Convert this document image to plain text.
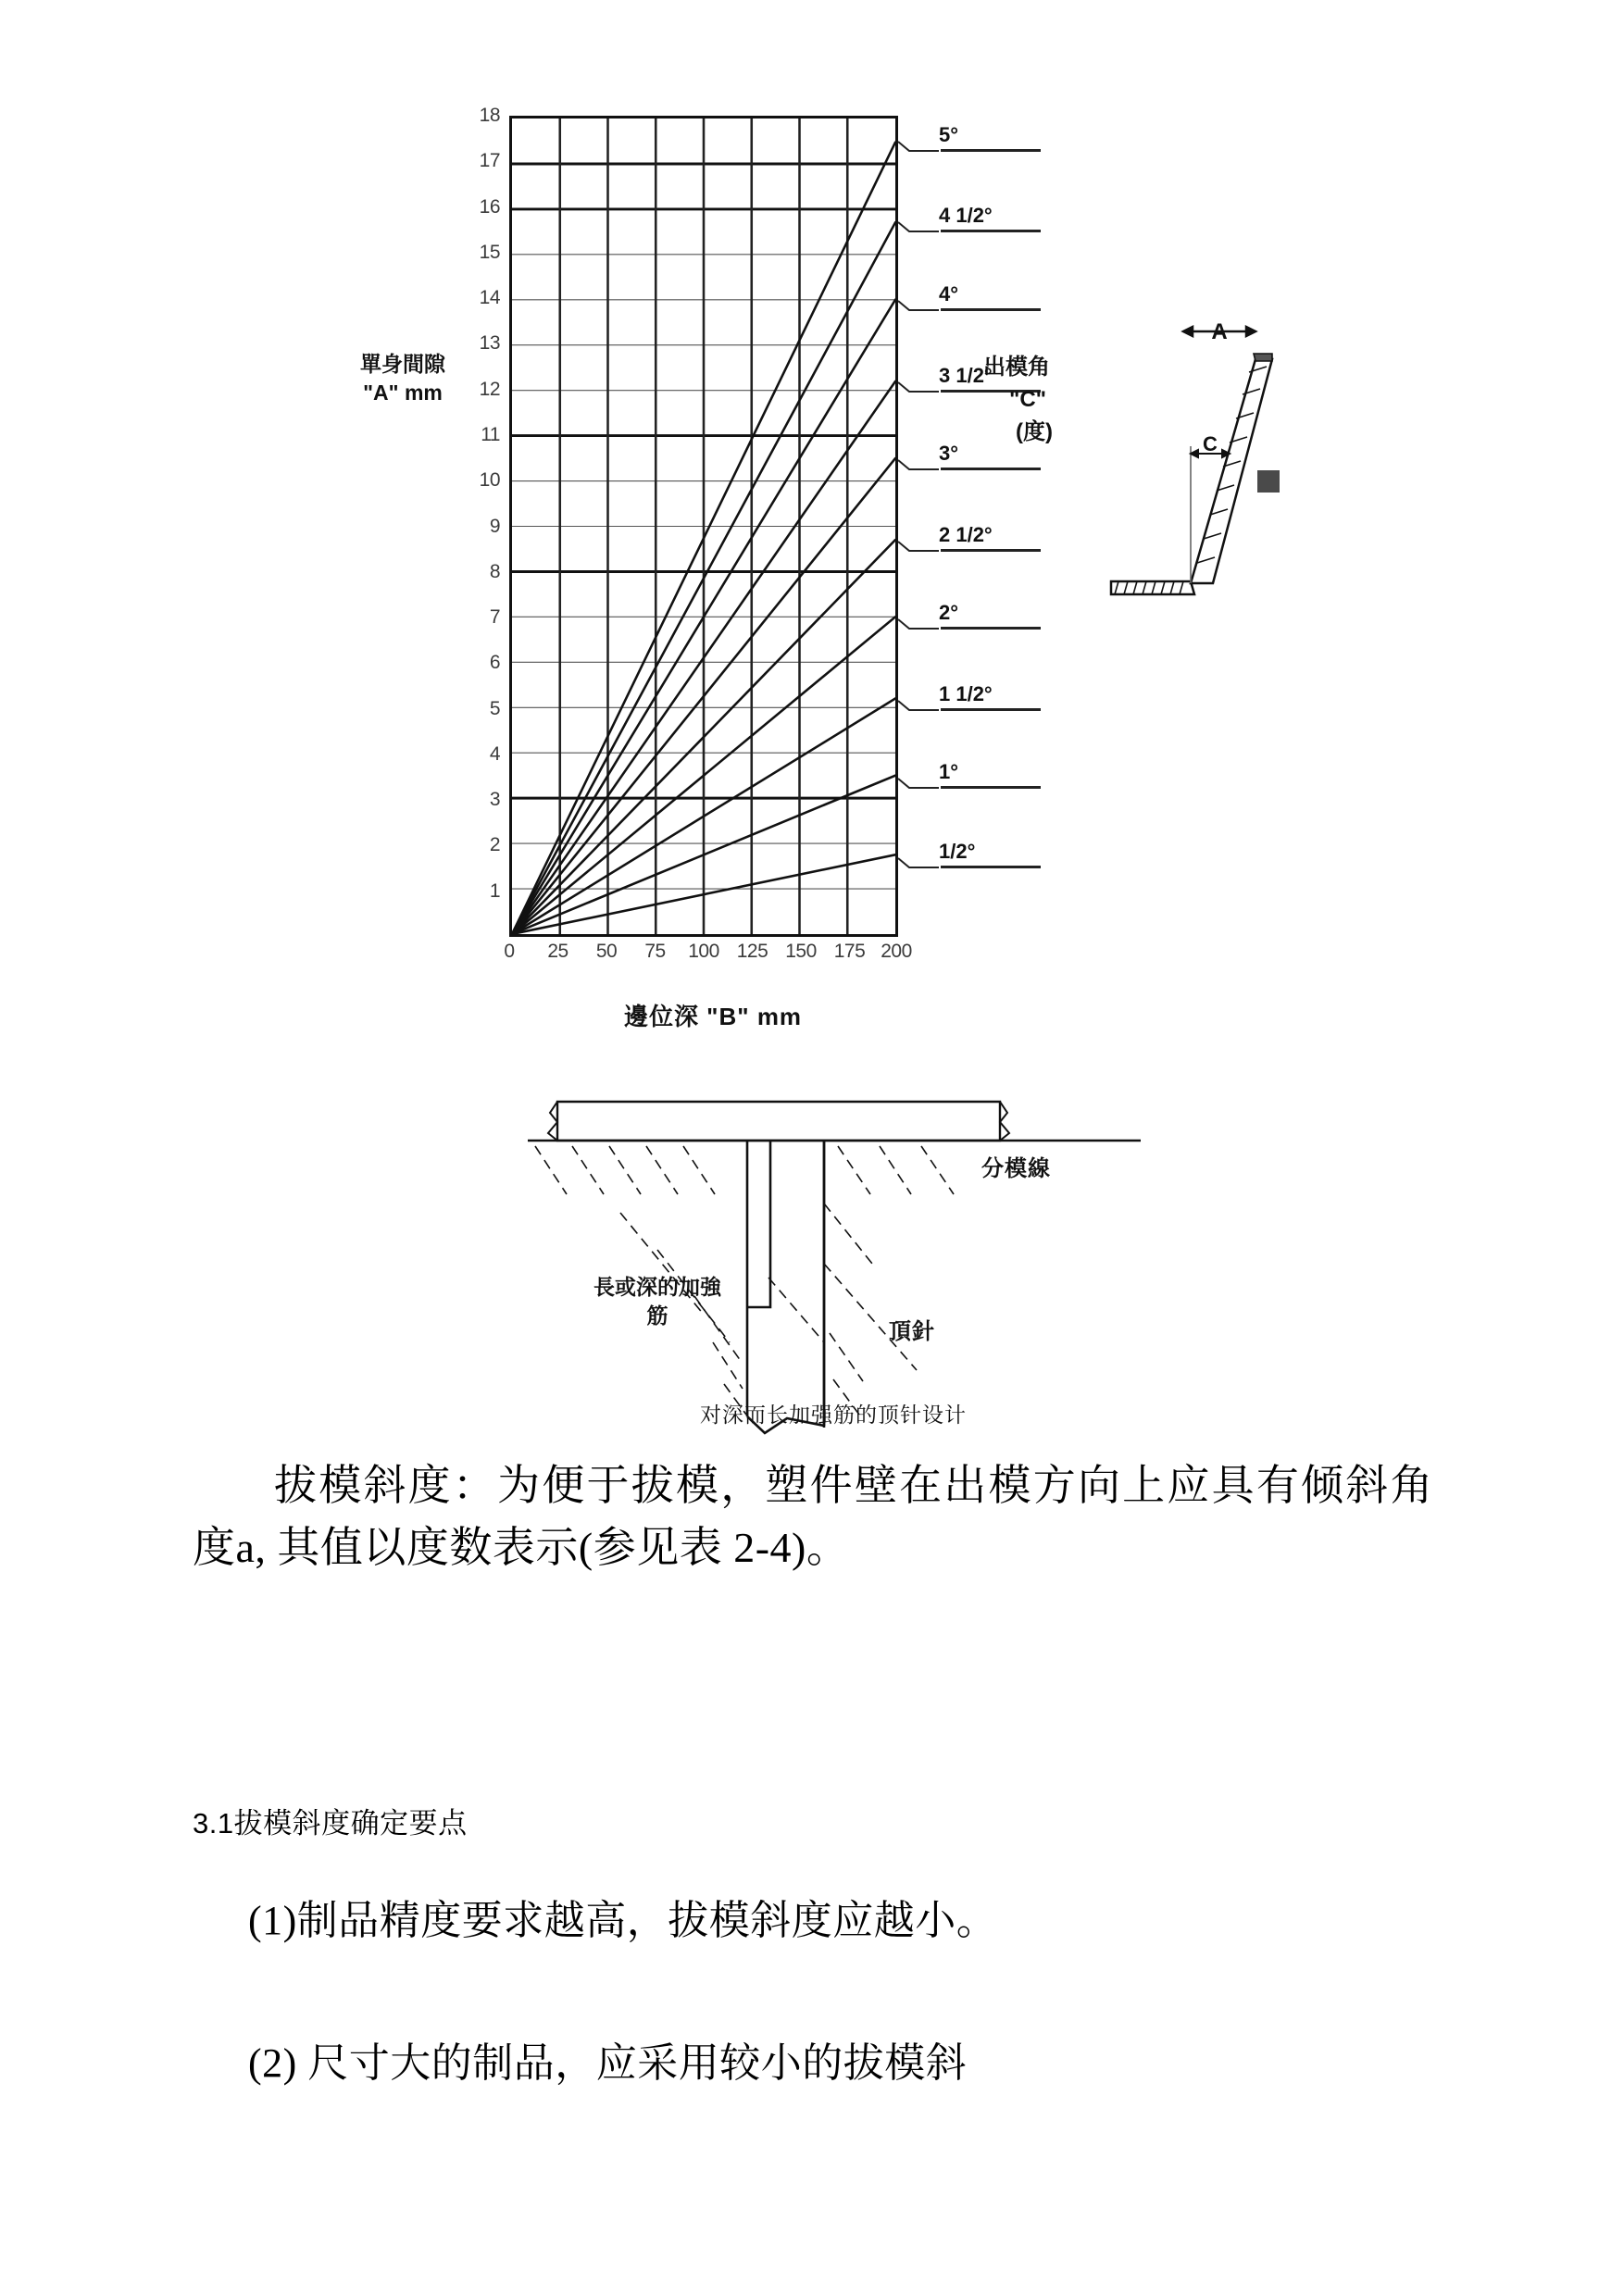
18
17
16
15
14
13
12
11
10
9
8
7
6
5
4
3
2
1
單身間隙
"A" mm
0 25 50 75 100 125 150 175 200
邊位深 "B" mm
5°
4 1/2°
4°
3 1/2°
3°
2 1/2°
2°
1 1/2°
1°
1/2°
出模角
"C"
(度)
A
C
分模線
長或深的加強筋
頂針
对深而长加强筋的顶针设计
拔模斜度：为便于拔模，塑件壁在出模方向上应具有倾斜角度a, 其值以度数表示(参见表 2-4)。
3.1拔模斜度确定要点
(1)制品精度要求越高，拔模斜度应越小。
(2) 尺寸大的制品，应采用较小的拔模斜
